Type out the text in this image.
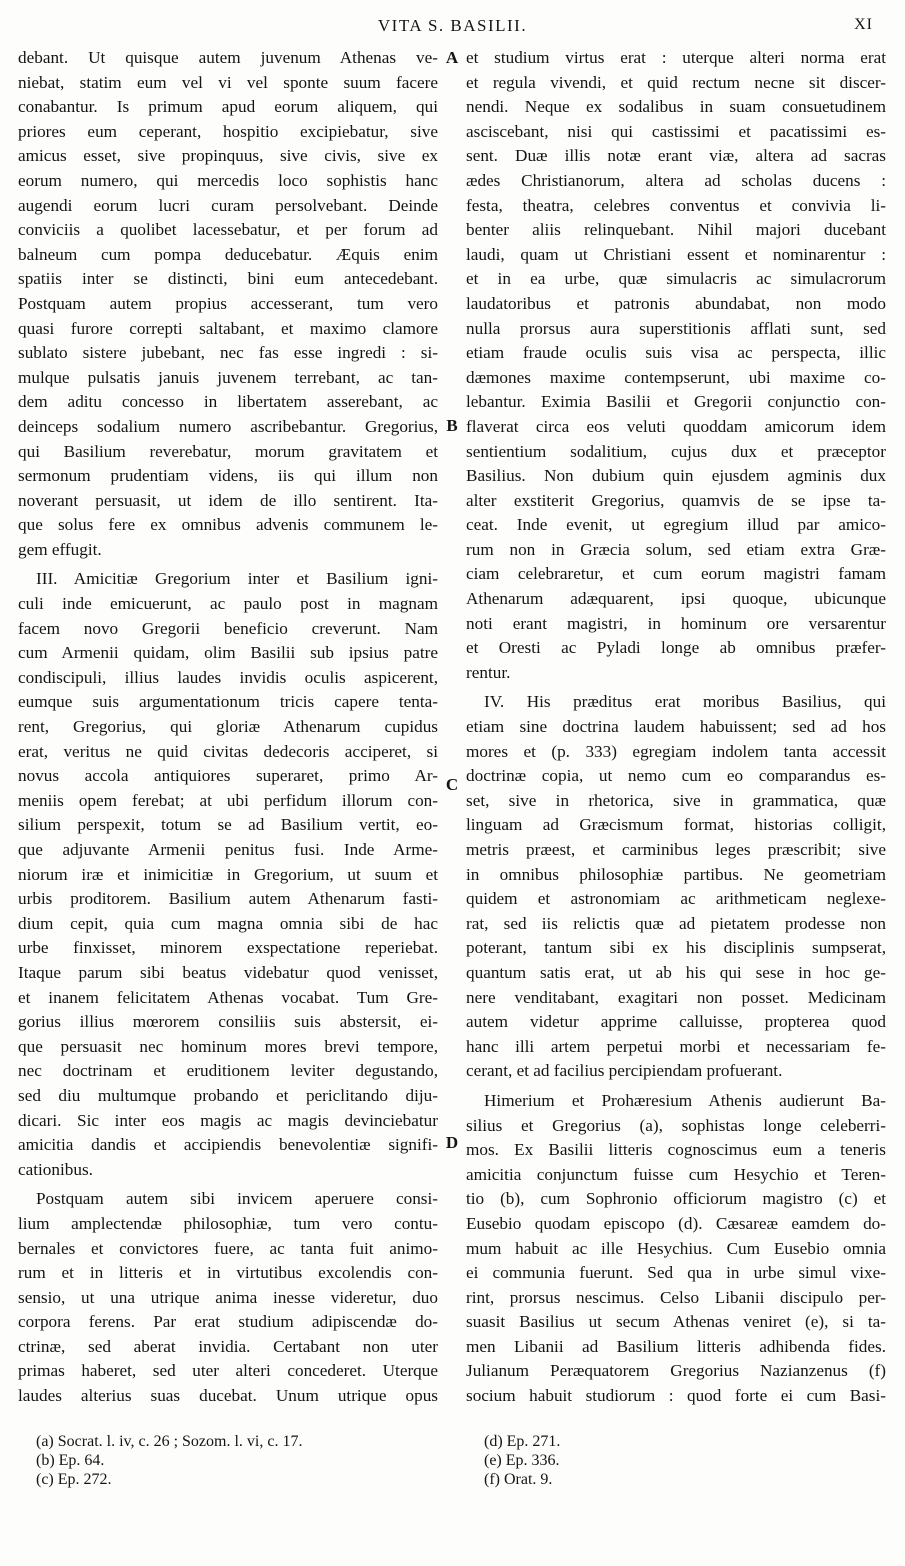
VITA S. BASILII.	XI
debant. Ut quisque autem juvenum Athenas ve-
niebat, statim eum vel vi vel sponte suum facere
conabantur. Is primum apud eorum aliquem, qui
priores eum ceperant, hospitio excipiebatur, sive
amicus esset, sive propinquus, sive civis, sive ex
eorum numero, qui mercedis loco sophistis hanc
augendi eorum lucri curam persolvebant. Deinde
conviciis a quolibet lacessebatur, et per forum ad
balneum cum pompa deducebatur. Æquis enim
spatiis inter se distincti, bini eum antecedebant.
Postquam autem propius accesserant, tum vero
quasi furore correpti saltabant, et maximo clamore
sublato sistere jubebant, nec fas esse ingredi : si-
mulque pulsatis januis juvenem terrebant, ac tan-
dem aditu concesso in libertatem asserebant, ac
deinceps sodalium numero ascribebantur. Gregorius,
qui Basilium reverebatur, morum gravitatem et
sermonum prudentiam videns, iis qui illum non
noverant persuasit, ut idem de illo sentirent. Ita-
que solus fere ex omnibus advenis communem le-
gem effugit.
III. Amicitiæ Gregorium inter et Basilium igni-
culi inde emicuerunt, ac paulo post in magnam
facem novo Gregorii beneficio creverunt. Nam
cum Armenii quidam, olim Basilii sub ipsius patre
condiscipuli, illius laudes invidis oculis aspicerent,
eumque suis argumentationum tricis capere tenta-
rent, Gregorius, qui gloriæ Athenarum cupidus
erat, veritus ne quid civitas dedecoris acciperet, si
novus accola antiquiores superaret, primo Ar-
meniis opem ferebat; at ubi perfidum illorum con-
silium perspexit, totum se ad Basilium vertit, eo-
que adjuvante Armenii penitus fusi. Inde Arme-
niorum iræ et inimicitiæ in Gregorium, ut suum et
urbis proditorem. Basilium autem Athenarum fasti-
dium cepit, quia cum magna omnia sibi de hac
urbe finxisset, minorem exspectatione reperiebat.
Itaque parum sibi beatus videbatur quod venisset,
et inanem felicitatem Athenas vocabat. Tum Gre-
gorius illius mœrorem consiliis suis abstersit, ei-
que persuasit nec hominum mores brevi tempore,
nec doctrinam et eruditionem leviter degustando,
sed diu multumque probando et periclitando diju-
dicari. Sic inter eos magis ac magis devinciebatur
amicitia dandis et accipiendis benevolentiæ signifi-
cationibus.
Postquam autem sibi invicem aperuere consi-
lium amplectendæ philosophiæ, tum vero contu-
bernales et convictores fuere, ac tanta fuit animo-
rum et in litteris et in virtutibus excolendis con-
sensio, ut una utrique anima inesse videretur, duo
corpora ferens. Par erat studium adipiscendæ do-
ctrinæ, sed aberat invidia. Certabant non uter
primas haberet, sed uter alteri concederet. Uterque
laudes alterius suas ducebat. Unum utrique opus
et studium virtus erat : uterque alteri norma erat
et regula vivendi, et quid rectum necne sit discer-
nendi. Neque ex sodalibus in suam consuetudinem
asciscebant, nisi qui castissimi et pacatissimi es-
sent. Duæ illis notæ erant viæ, altera ad sacras
ædes Christianorum, altera ad scholas ducens :
festa, theatra, celebres conventus et convivia li-
benter aliis relinquebant. Nihil majori ducebant
laudi, quam ut Christiani essent et nominarentur :
et in ea urbe, quæ simulacris ac simulacrorum
laudatoribus et patronis abundabat, non modo
nulla prorsus aura superstitionis afflati sunt, sed
etiam fraude oculis suis visa ac perspecta, illic
dæmones maxime contempserunt, ubi maxime co-
lebantur. Eximia Basilii et Gregorii conjunctio con-
flaverat circa eos veluti quoddam amicorum idem
sentientium sodalitium, cujus dux et præceptor
Basilius. Non dubium quin ejusdem agminis dux
alter exstiterit Gregorius, quamvis de se ipse ta-
ceat. Inde evenit, ut egregium illud par amico-
rum non in Græcia solum, sed etiam extra Græ-
ciam celebraretur, et cum eorum magistri famam
Athenarum adæquarent, ipsi quoque, ubicunque
noti erant magistri, in hominum ore versarentur
et Oresti ac Pyladi longe ab omnibus præfer-
rentur.
IV. His præditus erat moribus Basilius, qui
etiam sine doctrina laudem habuissent; sed ad hos
mores et (p. 333) egregiam indolem tanta accessit
doctrinæ copia, ut nemo cum eo comparandus es-
set, sive in rhetorica, sive in grammatica, quæ
linguam ad Græcismum format, historias colligit,
metris præest, et carminibus leges præscribit; sive
in omnibus philosophiæ partibus. Ne geometriam
quidem et astronomiam ac arithmeticam neglexe-
rat, sed iis relictis quæ ad pietatem prodesse non
poterant, tantum sibi ex his disciplinis sumpserat,
quantum satis erat, ut ab his qui sese in hoc ge-
nere venditabant, exagitari non posset. Medicinam
autem videtur apprime calluisse, propterea quod
hanc illi artem perpetui morbi et necessariam fe-
cerant, et ad facilius percipiendam profuerant.
Himerium et Prohæresium Athenis audierunt Ba-
silius et Gregorius (a), sophistas longe celeberri-
mos. Ex Basilii litteris cognoscimus eum a teneris
amicitia conjunctum fuisse cum Hesychio et Teren-
tio (b), cum Sophronio officiorum magistro (c) et
Eusebio quodam episcopo (d). Cæsareæ eamdem do-
mum habuit ac ille Hesychius. Cum Eusebio omnia
ei communia fuerunt. Sed qua in urbe simul vixe-
rint, prorsus nescimus. Celso Libanii discipulo per-
suasit Basilius ut secum Athenas veniret (e), si ta-
men Libanii ad Basilium litteris adhibenda fides.
Julianum Peræquatorem Gregorius Nazianzenus (f)
socium habuit studiorum : quod forte ei cum Basi-
A
B
C
D
(a) Socrat. l. iv, c. 26 ; Sozom. l. vi, c. 17.
(b) Ep. 64.
(c) Ep. 272.
(d) Ep. 271.
(e) Ep. 336.
(f) Orat. 9.
